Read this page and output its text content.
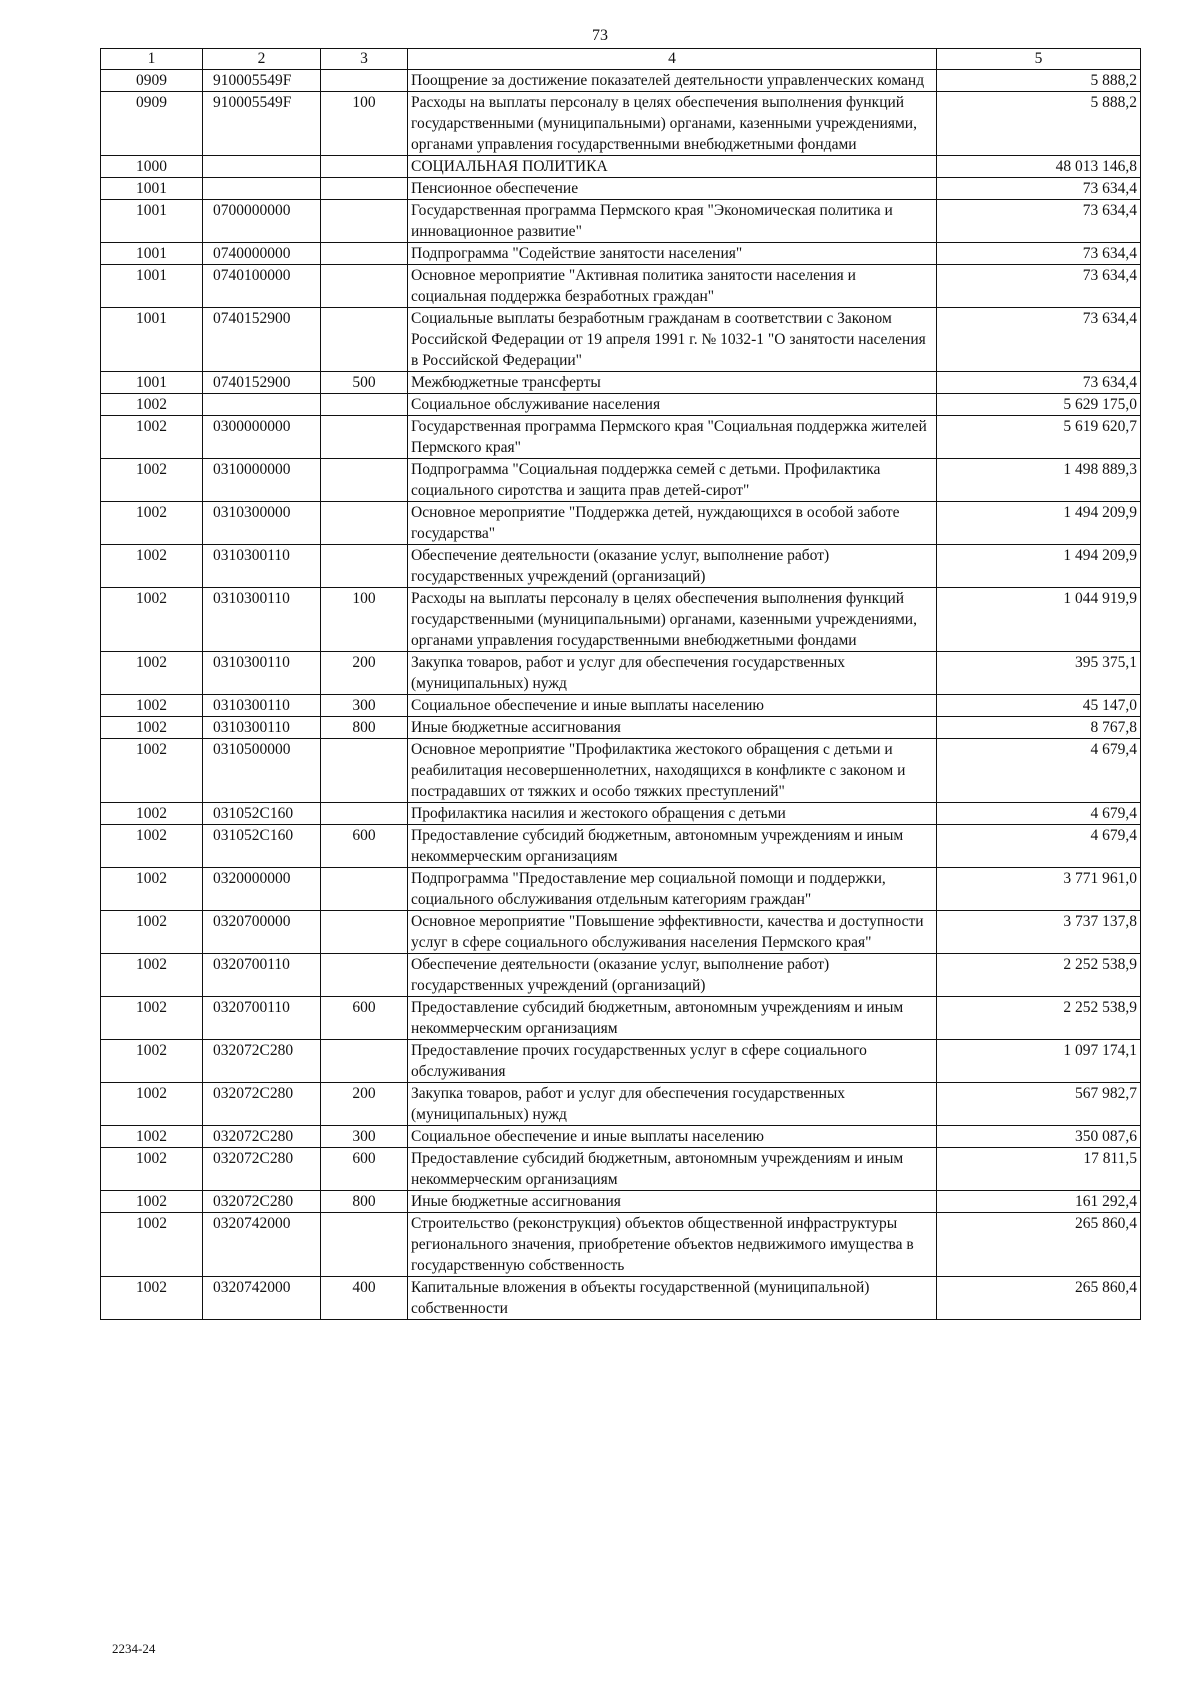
73
1	2	3	4	5
0909	910005549F		Поощрение за достижение показателей деятельности управленческих команд	5 888,2
0909	910005549F	100	Расходы на выплаты персоналу в целях обеспечения выполнения функций государственными (муниципальными) органами, казенными учреждениями, органами управления государственными внебюджетными фондами	5 888,2
1000			СОЦИАЛЬНАЯ ПОЛИТИКА	48 013 146,8
1001			Пенсионное обеспечение	73 634,4
1001	0700000000		Государственная программа Пермского края "Экономическая политика и инновационное развитие"	73 634,4
1001	0740000000		Подпрограмма "Содействие занятости населения"	73 634,4
1001	0740100000		Основное мероприятие "Активная политика занятости населения и социальная поддержка безработных граждан"	73 634,4
1001	0740152900		Социальные выплаты безработным гражданам в соответствии с Законом Российской Федерации от 19 апреля 1991 г. № 1032-1 "О занятости населения в Российской Федерации"	73 634,4
1001	0740152900	500	Межбюджетные трансферты	73 634,4
1002			Социальное обслуживание населения	5 629 175,0
1002	0300000000		Государственная программа Пермского края "Социальная поддержка жителей Пермского края"	5 619 620,7
1002	0310000000		Подпрограмма "Социальная поддержка семей с детьми. Профилактика социального сиротства и защита прав детей-сирот"	1 498 889,3
1002	0310300000		Основное мероприятие "Поддержка детей, нуждающихся в особой заботе государства"	1 494 209,9
1002	0310300110		Обеспечение деятельности (оказание услуг, выполнение работ) государственных учреждений (организаций)	1 494 209,9
1002	0310300110	100	Расходы на выплаты персоналу в целях обеспечения выполнения функций государственными (муниципальными) органами, казенными учреждениями, органами управления государственными внебюджетными фондами	1 044 919,9
1002	0310300110	200	Закупка товаров, работ и услуг для обеспечения государственных (муниципальных) нужд	395 375,1
1002	0310300110	300	Социальное обеспечение и иные выплаты населению	45 147,0
1002	0310300110	800	Иные бюджетные ассигнования	8 767,8
1002	0310500000		Основное мероприятие "Профилактика жестокого обращения с детьми и реабилитация несовершеннолетних, находящихся в конфликте с законом и пострадавших от тяжких и особо тяжких преступлений"	4 679,4
1002	031052С160		Профилактика насилия и жестокого обращения с детьми	4 679,4
1002	031052С160	600	Предоставление субсидий бюджетным, автономным учреждениям и иным некоммерческим организациям	4 679,4
1002	0320000000		Подпрограмма "Предоставление мер социальной помощи и поддержки, социального обслуживания отдельным категориям граждан"	3 771 961,0
1002	0320700000		Основное мероприятие "Повышение эффективности, качества и доступности услуг в сфере социального обслуживания населения Пермского края"	3 737 137,8
1002	0320700110		Обеспечение деятельности (оказание услуг, выполнение работ) государственных учреждений (организаций)	2 252 538,9
1002	0320700110	600	Предоставление субсидий бюджетным, автономным учреждениям и иным некоммерческим организациям	2 252 538,9
1002	032072С280		Предоставление прочих государственных услуг в сфере социального обслуживания	1 097 174,1
1002	032072С280	200	Закупка товаров, работ и услуг для обеспечения государственных (муниципальных) нужд	567 982,7
1002	032072С280	300	Социальное обеспечение и иные выплаты населению	350 087,6
1002	032072С280	600	Предоставление субсидий бюджетным, автономным учреждениям и иным некоммерческим организациям	17 811,5
1002	032072С280	800	Иные бюджетные ассигнования	161 292,4
1002	0320742000		Строительство (реконструкция) объектов общественной инфраструктуры регионального значения, приобретение объектов недвижимого имущества в государственную собственность	265 860,4
1002	0320742000	400	Капитальные вложения в объекты государственной (муниципальной) собственности	265 860,4
2234-24
